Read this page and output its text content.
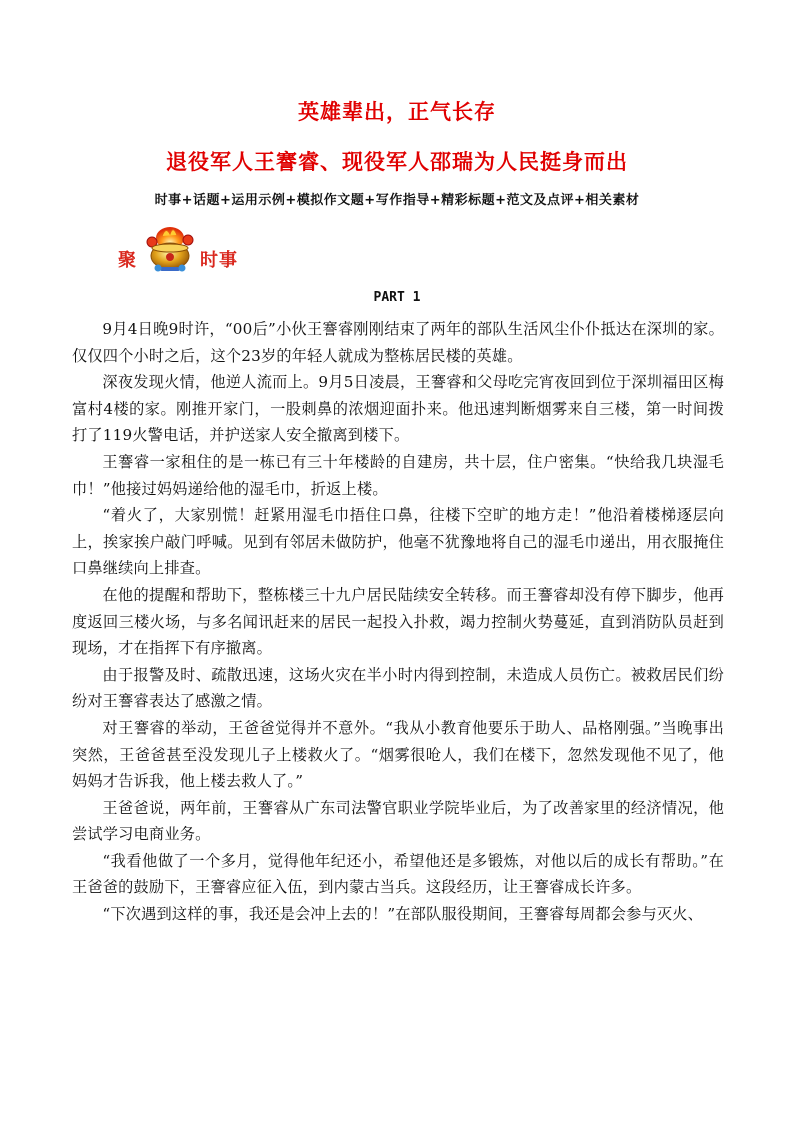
英雄辈出，正气长存
退役军人王謇睿、现役军人邵瑞为人民挺身而出
时事+话题+运用示例+模拟作文题+写作指导+精彩标题+范文及点评+相关素材
聚	时事
PART 1

9月4日晚9时许，“00后”小伙王謇睿刚刚结束了两年的部队生活风尘仆仆抵达在深圳的家。仅仅四个小时之后，这个23岁的年轻人就成为整栋居民楼的英雄。

深夜发现火情，他逆人流而上。9月5日凌晨，王謇睿和父母吃完宵夜回到位于深圳福田区梅富村4楼的家。刚推开家门，一股刺鼻的浓烟迎面扑来。他迅速判断烟雾来自三楼，第一时间拨打了119火警电话，并护送家人安全撤离到楼下。

王謇睿一家租住的是一栋已有三十年楼龄的自建房，共十层，住户密集。“快给我几块湿毛巾！”他接过妈妈递给他的湿毛巾，折返上楼。

“着火了，大家别慌！赶紧用湿毛巾捂住口鼻，往楼下空旷的地方走！”他沿着楼梯逐层向上，挨家挨户敲门呼喊。见到有邻居未做防护，他毫不犹豫地将自己的湿毛巾递出，用衣服掩住口鼻继续向上排查。

在他的提醒和帮助下，整栋楼三十九户居民陆续安全转移。而王謇睿却没有停下脚步，他再度返回三楼火场，与多名闻讯赶来的居民一起投入扑救，竭力控制火势蔓延，直到消防队员赶到现场，才在指挥下有序撤离。

由于报警及时、疏散迅速，这场火灾在半小时内得到控制，未造成人员伤亡。被救居民们纷纷对王謇睿表达了感激之情。

对王謇睿的举动，王爸爸觉得并不意外。“我从小教育他要乐于助人、品格刚强。”当晚事出突然，王爸爸甚至没发现儿子上楼救火了。“烟雾很呛人，我们在楼下，忽然发现他不见了，他妈妈才告诉我，他上楼去救人了。”

王爸爸说，两年前，王謇睿从广东司法警官职业学院毕业后，为了改善家里的经济情况，他尝试学习电商业务。

“我看他做了一个多月，觉得他年纪还小，希望他还是多锻炼，对他以后的成长有帮助。”在王爸爸的鼓励下，王謇睿应征入伍，到内蒙古当兵。这段经历，让王謇睿成长许多。

“下次遇到这样的事，我还是会冲上去的！”在部队服役期间，王謇睿每周都会参与灭火、
